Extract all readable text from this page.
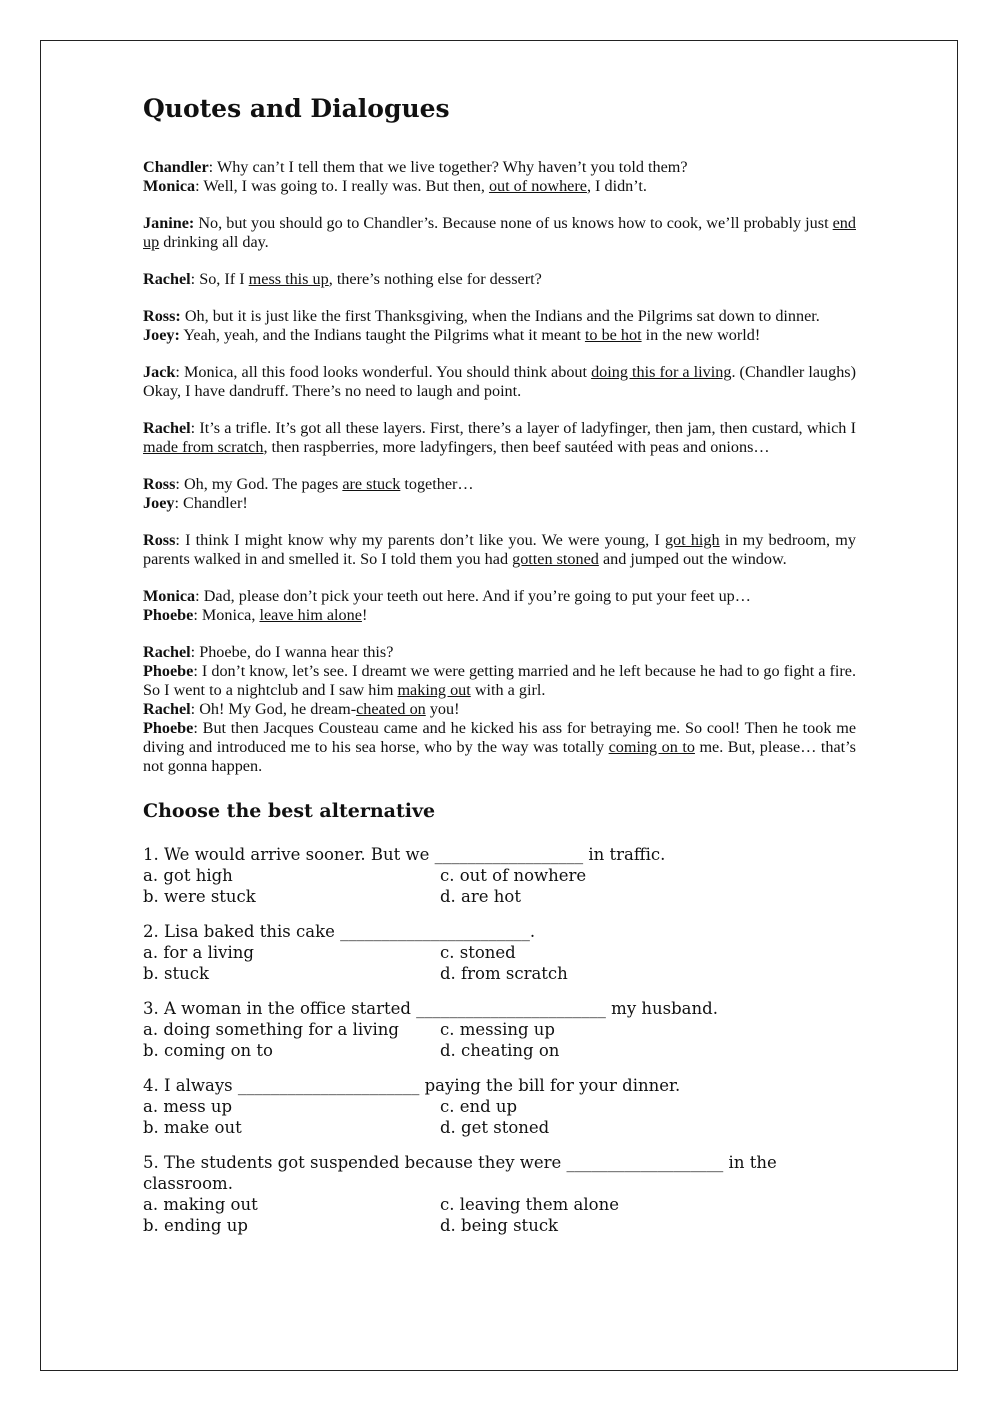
Quotes and Dialogues

Chandler: Why can’t I tell them that we live together? Why haven’t you told them?

Monica: Well, I was going to. I really was. But then, out of nowhere, I didn’t.

Janine: No, but you should go to Chandler’s. Because none of us knows how to cook, we’ll probably just end up drinking all day.

Rachel: So, If I mess this up, there’s nothing else for dessert?

Ross: Oh, but it is just like the first Thanksgiving, when the Indians and the Pilgrims sat down to dinner.

Joey: Yeah, yeah, and the Indians taught the Pilgrims what it meant to be hot in the new world!

Jack: Monica, all this food looks wonderful. You should think about doing this for a living. (Chandler laughs) Okay, I have dandruff. There’s no need to laugh and point.

Rachel: It’s a trifle. It’s got all these layers. First, there’s a layer of ladyfinger, then jam, then custard, which I made from scratch, then raspberries, more ladyfingers, then beef sautéed with peas and onions…

Ross: Oh, my God. The pages are stuck together…

Joey: Chandler!

Ross: I think I might know why my parents don’t like you. We were young, I got high in my bedroom, my parents walked in and smelled it. So I told them you had gotten stoned and jumped out the window.

Monica: Dad, please don’t pick your teeth out here. And if you’re going to put your feet up…

Phoebe: Monica, leave him alone!

Rachel: Phoebe, do I wanna hear this?

Phoebe: I don’t know, let’s see. I dreamt we were getting married and he left because he had to go fight a fire. So I went to a nightclub and I saw him making out with a girl.

Rachel: Oh! My God, he dream-cheated on you!

Phoebe: But then Jacques Cousteau came and he kicked his ass for betraying me. So cool! Then he took me diving and introduced me to his sea horse, who by the way was totally coming on to me. But, please… that’s not gonna happen.

Choose the best alternative

1. We would arrive sooner. But we __________________ in traffic.

a. got high	c. out of nowhere
b. were stuck	d. are hot

2. Lisa baked this cake _______________________.

a. for a living	c. stoned
b. stuck	d. from scratch

3. A woman in the office started _______________________ my husband.

a. doing something for a living	c. messing up
b. coming on to	d. cheating on

4. I always ______________________ paying the bill for your dinner.

a. mess up	c. end up
b. make out	d. get stoned

5. The students got suspended because they were ___________________ in the classroom.

a. making out	c. leaving them alone
b. ending up	d. being stuck
